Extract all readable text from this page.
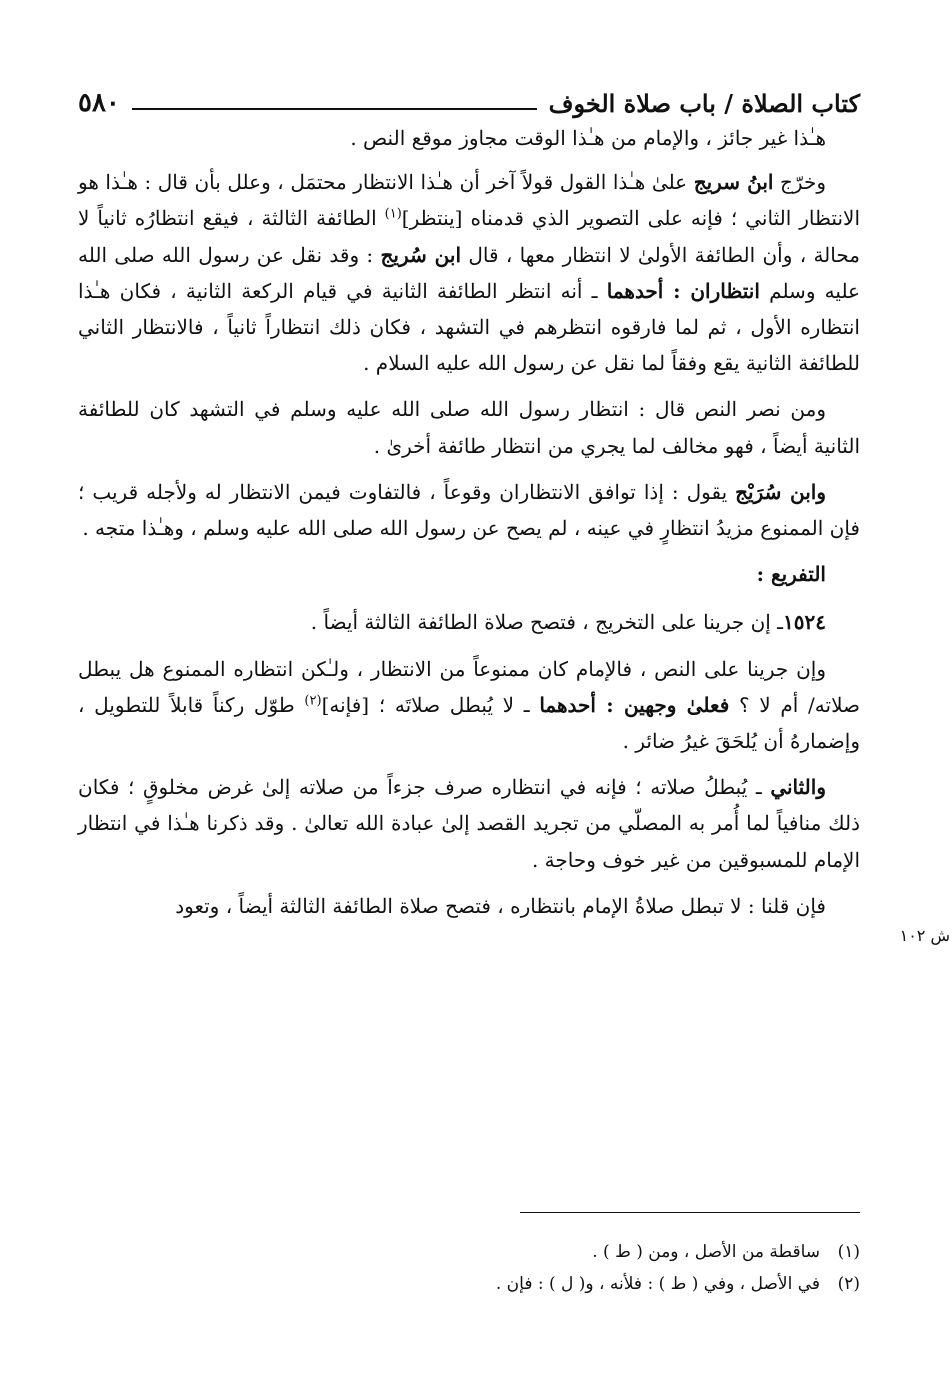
كتاب الصلاة / باب صلاة الخوف
٥٨٠
ش ١٠٢

هـٰذا غير جائز ، والإمام من هـٰذا الوقت مجاوز موقع النص .

وخرّج ابنُ سريج علىٰ هـٰذا القول قولاً آخر أن هـٰذا الانتظار محتمَل ، وعلل بأن قال : هـٰذا هو الانتظار الثاني ؛ فإنه على التصوير الذي قدمناه [ينتظر]$^{(١)}$ الطائفة الثالثة ، فيقع انتظارُه ثانياً لا محالة ، وأن الطائفة الأولىٰ لا انتظار معها ، قال ابن سُريج : وقد نقل عن رسول الله صلى الله عليه وسلم انتظاران : أحدهما ـ أنه انتظر الطائفة الثانية في قيام الركعة الثانية ، فكان هـٰذا انتظاره الأول ، ثم لما فارقوه انتظرهم في التشهد ، فكان ذلك انتظاراً ثانياً ، فالانتظار الثاني للطائفة الثانية يقع وفقاً لما نقل عن رسول الله عليه السلام .

ومن نصر النص قال : انتظار رسول الله صلى الله عليه وسلم في التشهد كان للطائفة الثانية أيضاً ، فهو مخالف لما يجري من انتظار طائفة أخرىٰ .

وابن سُرَيْج يقول : إذا توافق الانتظاران وقوعاً ، فالتفاوت فيمن الانتظار له ولأجله قريب ؛ فإن الممنوع مزيدُ انتظارٍ في عينه ، لم يصح عن رسول الله صلى الله عليه وسلم ، وهـٰذا متجه .

التفريع :

١٥٢٤ـ إن جرينا على التخريج ، فتصح صلاة الطائفة الثالثة أيضاً .

وإن جرينا على النص ، فالإمام كان ممنوعاً من الانتظار ، ولـٰكن انتظاره الممنوع هل يبطل صلاته/ أم لا ؟ فعلىٰ وجهين : أحدهما ـ لا يُبطل صلاتَه ؛ [فإنه]$^{(٢)}$ طوّل ركناً قابلاً للتطويل ، وإضمارهُ أن يُلحَقَ غيرُ ضائر .

والثاني ـ يُبطلُ صلاته ؛ فإنه في انتظاره صرف جزءاً من صلاته إلىٰ غرض مخلوقٍ ؛ فكان ذلك منافياً لما أُمر به المصلّي من تجريد القصد إلىٰ عبادة الله تعالىٰ . وقد ذكرنا هـٰذا في انتظار الإمام للمسبوقين من غير خوف وحاجة .

فإن قلنا : لا تبطل صلاةُ الإمام بانتظاره ، فتصح صلاة الطائفة الثالثة أيضاً ، وتعود

(١)ساقطة من الأصل ، ومن ( ط ) .

(٢)في الأصل ، وفي ( ط ) : فلأنه ، و( ل ) : فإن .
